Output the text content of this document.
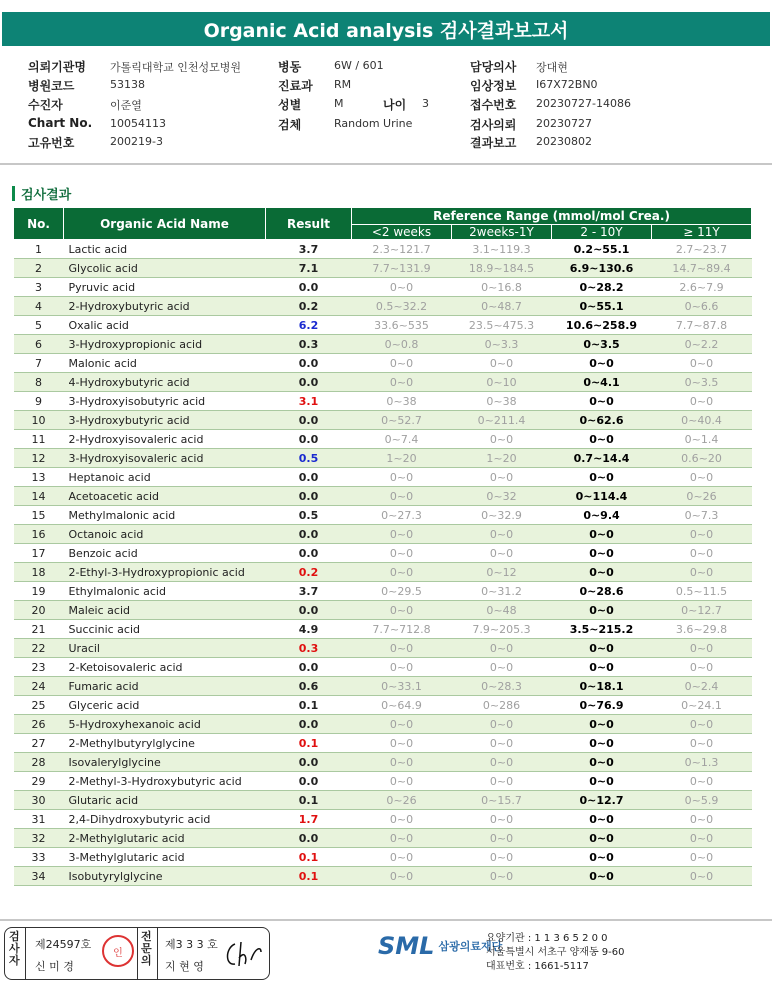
Organic Acid analysis 검사결과보고서
의뢰기관명 가톨릭대학교 인천성모병원
병원코드	53138
수진자	이준열
Chart No. 10054113
고유번호	200219-3
병동	6W / 601
진료과 RM
성별	M
검체	Random Urine
나이 3
담당의사 장대현
임상정보 I67X72BN0
접수번호 20230727-14086
검사의뢰 20230727
결과보고 20230802
검사결과
No.	Organic Acid Name	Result	Reference Range (mmol/mol Crea.)			
			<2 weeks	2weeks-1Y	2 - 10Y	≥ 11Y
1	Lactic acid	3.7	2.3~121.7	3.1~119.3	0.2~55.1	2.7~23.7
2	Glycolic acid	7.1	7.7~131.9	18.9~184.5	6.9~130.6	14.7~89.4
3	Pyruvic acid	0.0	0~0	0~16.8	0~28.2	2.6~7.9
4	2-Hydroxybutyric acid	0.2	0.5~32.2	0~48.7	0~55.1	0~6.6
5	Oxalic acid	6.2	33.6~535	23.5~475.3	10.6~258.9	7.7~87.8
6	3-Hydroxypropionic acid	0.3	0~0.8	0~3.3	0~3.5	0~2.2
7	Malonic acid	0.0	0~0	0~0	0~0	0~0
8	4-Hydroxybutyric acid	0.0	0~0	0~10	0~4.1	0~3.5
9	3-Hydroxyisobutyric acid	3.1	0~38	0~38	0~0	0~0
10	3-Hydroxybutyric acid	0.0	0~52.7	0~211.4	0~62.6	0~40.4
11	2-Hydroxyisovaleric acid	0.0	0~7.4	0~0	0~0	0~1.4
12	3-Hydroxyisovaleric acid	0.5	1~20	1~20	0.7~14.4	0.6~20
13	Heptanoic acid	0.0	0~0	0~0	0~0	0~0
14	Acetoacetic acid	0.0	0~0	0~32	0~114.4	0~26
15	Methylmalonic acid	0.5	0~27.3	0~32.9	0~9.4	0~7.3
16	Octanoic acid	0.0	0~0	0~0	0~0	0~0
17	Benzoic acid	0.0	0~0	0~0	0~0	0~0
18	2-Ethyl-3-Hydroxypropionic acid	0.2	0~0	0~12	0~0	0~0
19	Ethylmalonic acid	3.7	0~29.5	0~31.2	0~28.6	0.5~11.5
20	Maleic acid	0.0	0~0	0~48	0~0	0~12.7
21	Succinic acid	4.9	7.7~712.8	7.9~205.3	3.5~215.2	3.6~29.8
22	Uracil	0.3	0~0	0~0	0~0	0~0
23	2-Ketoisovaleric acid	0.0	0~0	0~0	0~0	0~0
24	Fumaric acid	0.6	0~33.1	0~28.3	0~18.1	0~2.4
25	Glyceric acid	0.1	0~64.9	0~286	0~76.9	0~24.1
26	5-Hydroxyhexanoic acid	0.0	0~0	0~0	0~0	0~0
27	2-Methylbutyrylglycine	0.1	0~0	0~0	0~0	0~0
28	Isovalerylglycine	0.0	0~0	0~0	0~0	0~1.3
29	2-Methyl-3-Hydroxybutyric acid	0.0	0~0	0~0	0~0	0~0
30	Glutaric acid	0.1	0~26	0~15.7	0~12.7	0~5.9
31	2,4-Dihydroxybutyric acid	1.7	0~0	0~0	0~0	0~0
32	2-Methylglutaric acid	0.0	0~0	0~0	0~0	0~0
33	3-Methylglutaric acid	0.1	0~0	0~0	0~0	0~0
34	Isobutyrylglycine	0.1	0~0	0~0	0~0	0~0
검사자
제24597호
신 미 경
인
전문의
제3 3 3 호
지 현 영
SML 삼광의료재단
요양기관 : 1 1 3 6 5 2 0 0
서울특별시 서초구 양재동 9-60
대표번호 : 1661-5117
